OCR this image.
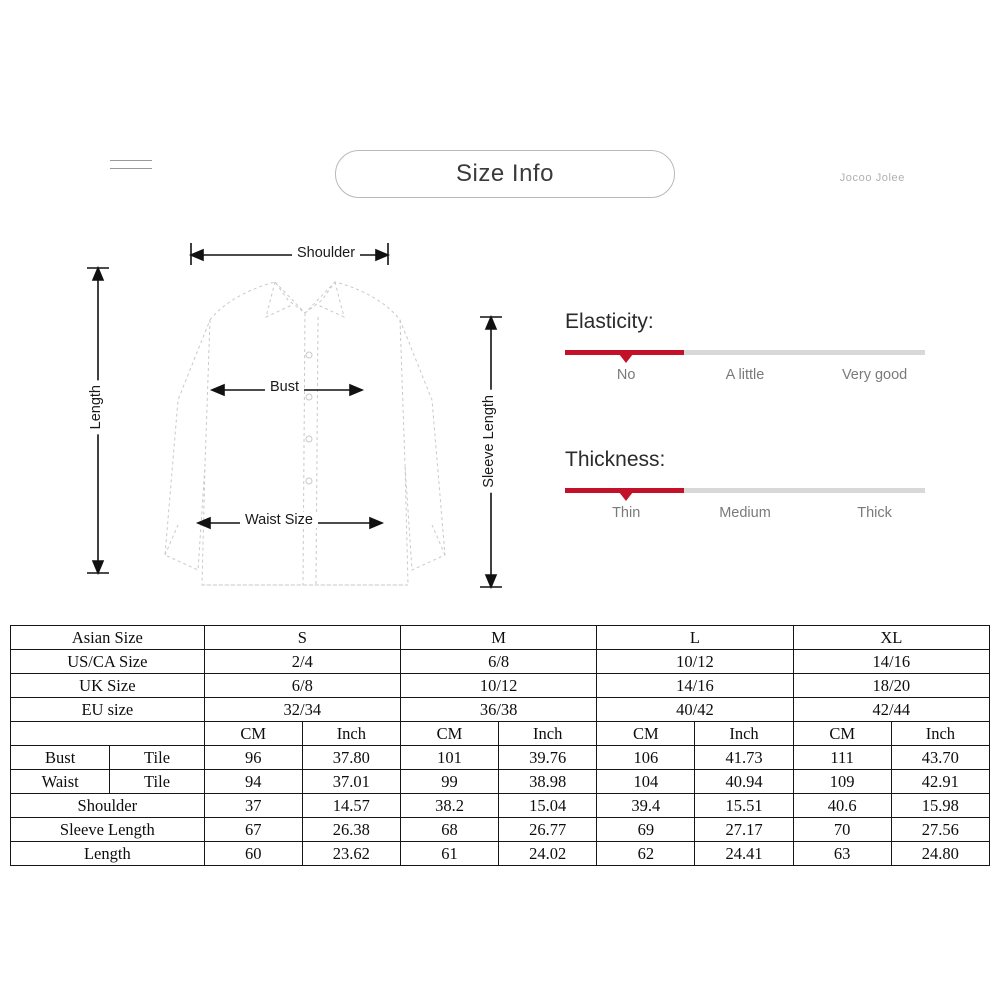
Size Info	Jocoo Jolee
Shoulder
Bust
Waist Size
Length	Sleeve Length
Elasticity:
No	A little	Very good
Thickness:
Thin	Medium	Thick
Asian Size		S		M		L		XL	
US/CA Size		2/4		6/8		10/12		14/16	
UK Size		6/8		10/12		14/16		18/20	
EU size		32/34		36/38		40/42		42/44	
		CM	Inch	CM	Inch	CM	Inch	CM	Inch
Bust	Tile	96	37.80	101	39.76	106	41.73	111	43.70
Waist	Tile	94	37.01	99	38.98	104	40.94	109	42.91
Shoulder		37	14.57	38.2	15.04	39.4	15.51	40.6	15.98
Sleeve Length		67	26.38	68	26.77	69	27.17	70	27.56
Length		60	23.62	61	24.02	62	24.41	63	24.80
